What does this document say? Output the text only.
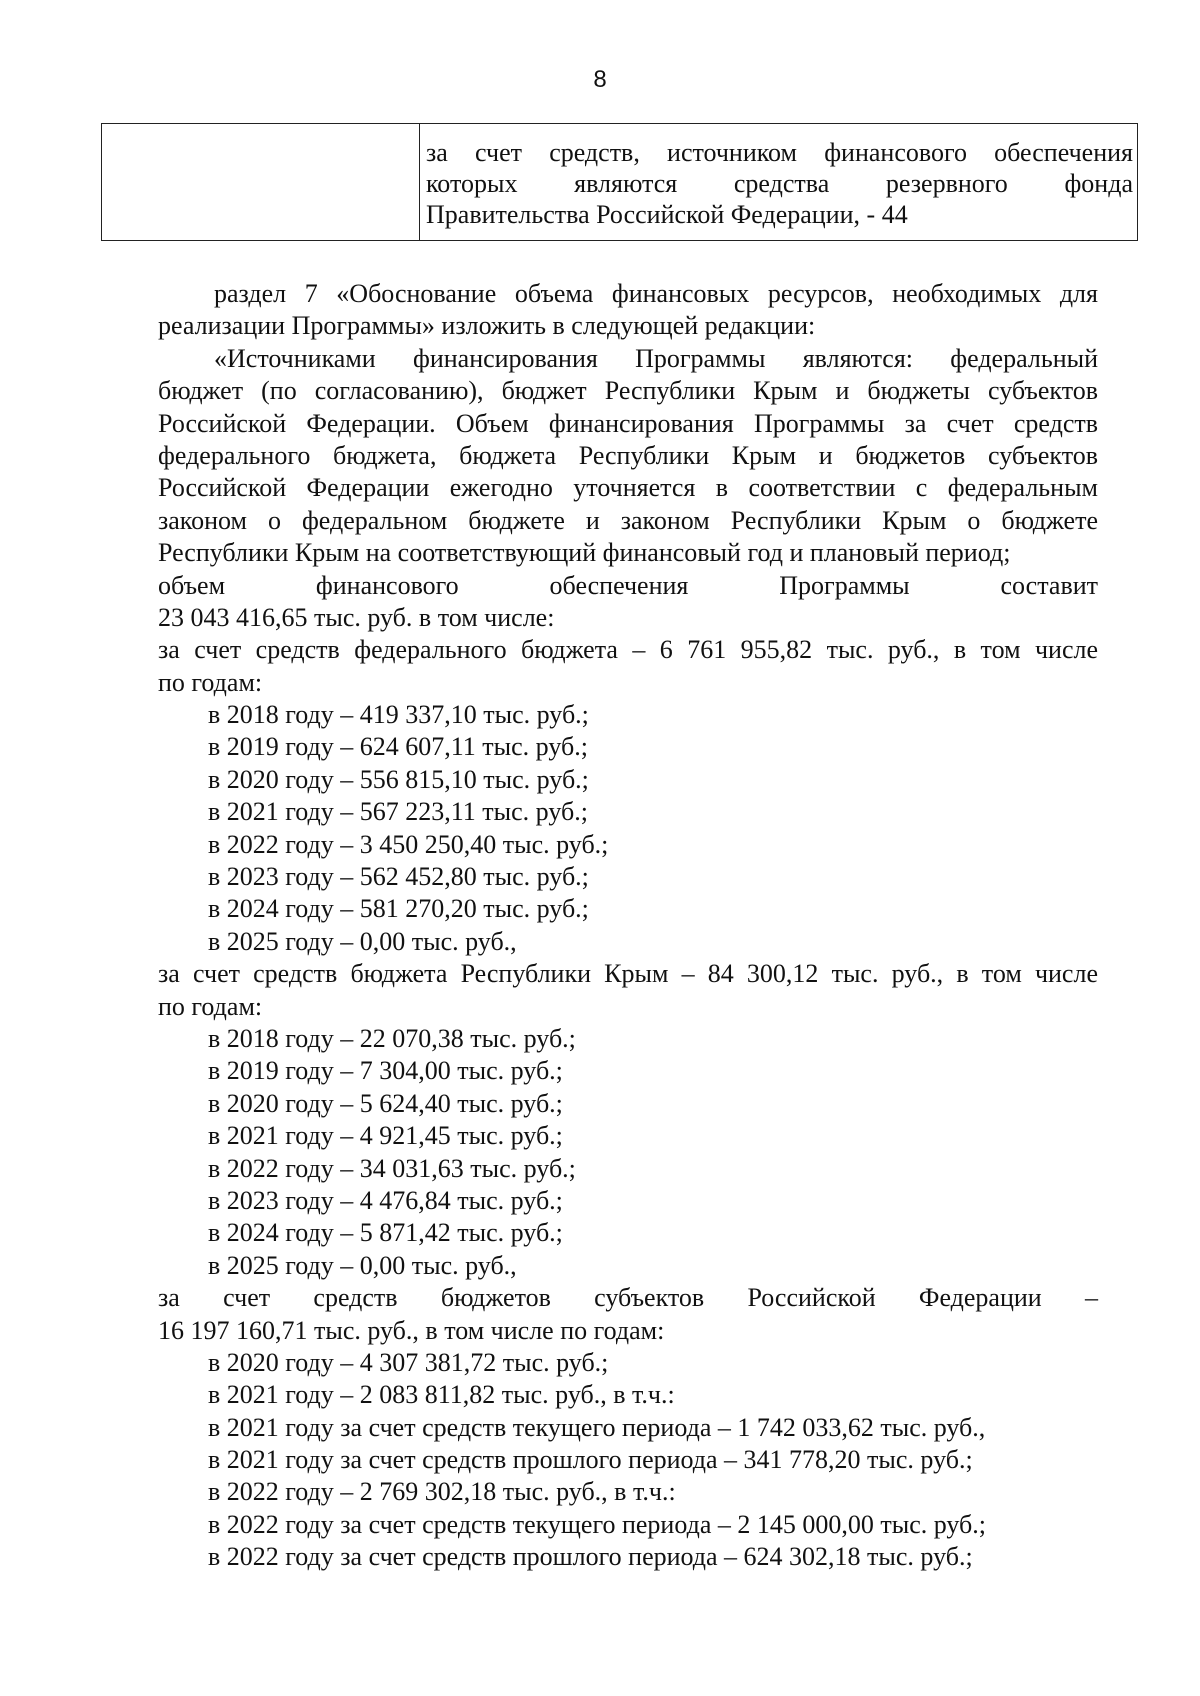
8
за счет средств, источником финансового обеспечения
которых являются средства резервного фонда
Правительства Российской Федерации, - 44
раздел 7 «Обоснование объема финансовых ресурсов, необходимых для
реализации Программы» изложить в следующей редакции:
«Источниками финансирования Программы являются: федеральный
бюджет (по согласованию), бюджет Республики Крым и бюджеты субъектов
Российской Федерации. Объем финансирования Программы за счет средств
федерального бюджета, бюджета Республики Крым и бюджетов субъектов
Российской Федерации ежегодно уточняется в соответствии с федеральным
законом о федеральном бюджете и законом Республики Крым о бюджете
Республики Крым на соответствующий финансовый год и плановый период;
объем финансового обеспечения Программы составит
23 043 416,65 тыс. руб. в том числе:
за счет средств федерального бюджета – 6 761 955,82 тыс. руб., в том числе
по годам:
в 2018 году – 419 337,10 тыс. руб.;
в 2019 году – 624 607,11 тыс. руб.;
в 2020 году – 556 815,10 тыс. руб.;
в 2021 году – 567 223,11 тыс. руб.;
в 2022 году – 3 450 250,40 тыс. руб.;
в 2023 году – 562 452,80 тыс. руб.;
в 2024 году – 581 270,20 тыс. руб.;
в 2025 году – 0,00 тыс. руб.,
за счет средств бюджета Республики Крым – 84 300,12 тыс. руб., в том числе
по годам:
в 2018 году – 22 070,38 тыс. руб.;
в 2019 году – 7 304,00 тыс. руб.;
в 2020 году – 5 624,40 тыс. руб.;
в 2021 году – 4 921,45 тыс. руб.;
в 2022 году – 34 031,63 тыс. руб.;
в 2023 году – 4 476,84 тыс. руб.;
в 2024 году – 5 871,42 тыс. руб.;
в 2025 году – 0,00 тыс. руб.,
за счет средств бюджетов субъектов Российской Федерации –
16 197 160,71 тыс. руб., в том числе по годам:
в 2020 году – 4 307 381,72 тыс. руб.;
в 2021 году – 2 083 811,82 тыс. руб., в т.ч.:
в 2021 году за счет средств текущего периода – 1 742 033,62 тыс. руб.,
в 2021 году за счет средств прошлого периода – 341 778,20 тыс. руб.;
в 2022 году – 2 769 302,18 тыс. руб., в т.ч.:
в 2022 году за счет средств текущего периода – 2 145 000,00 тыс. руб.;
в 2022 году за счет средств прошлого периода – 624 302,18 тыс. руб.;
